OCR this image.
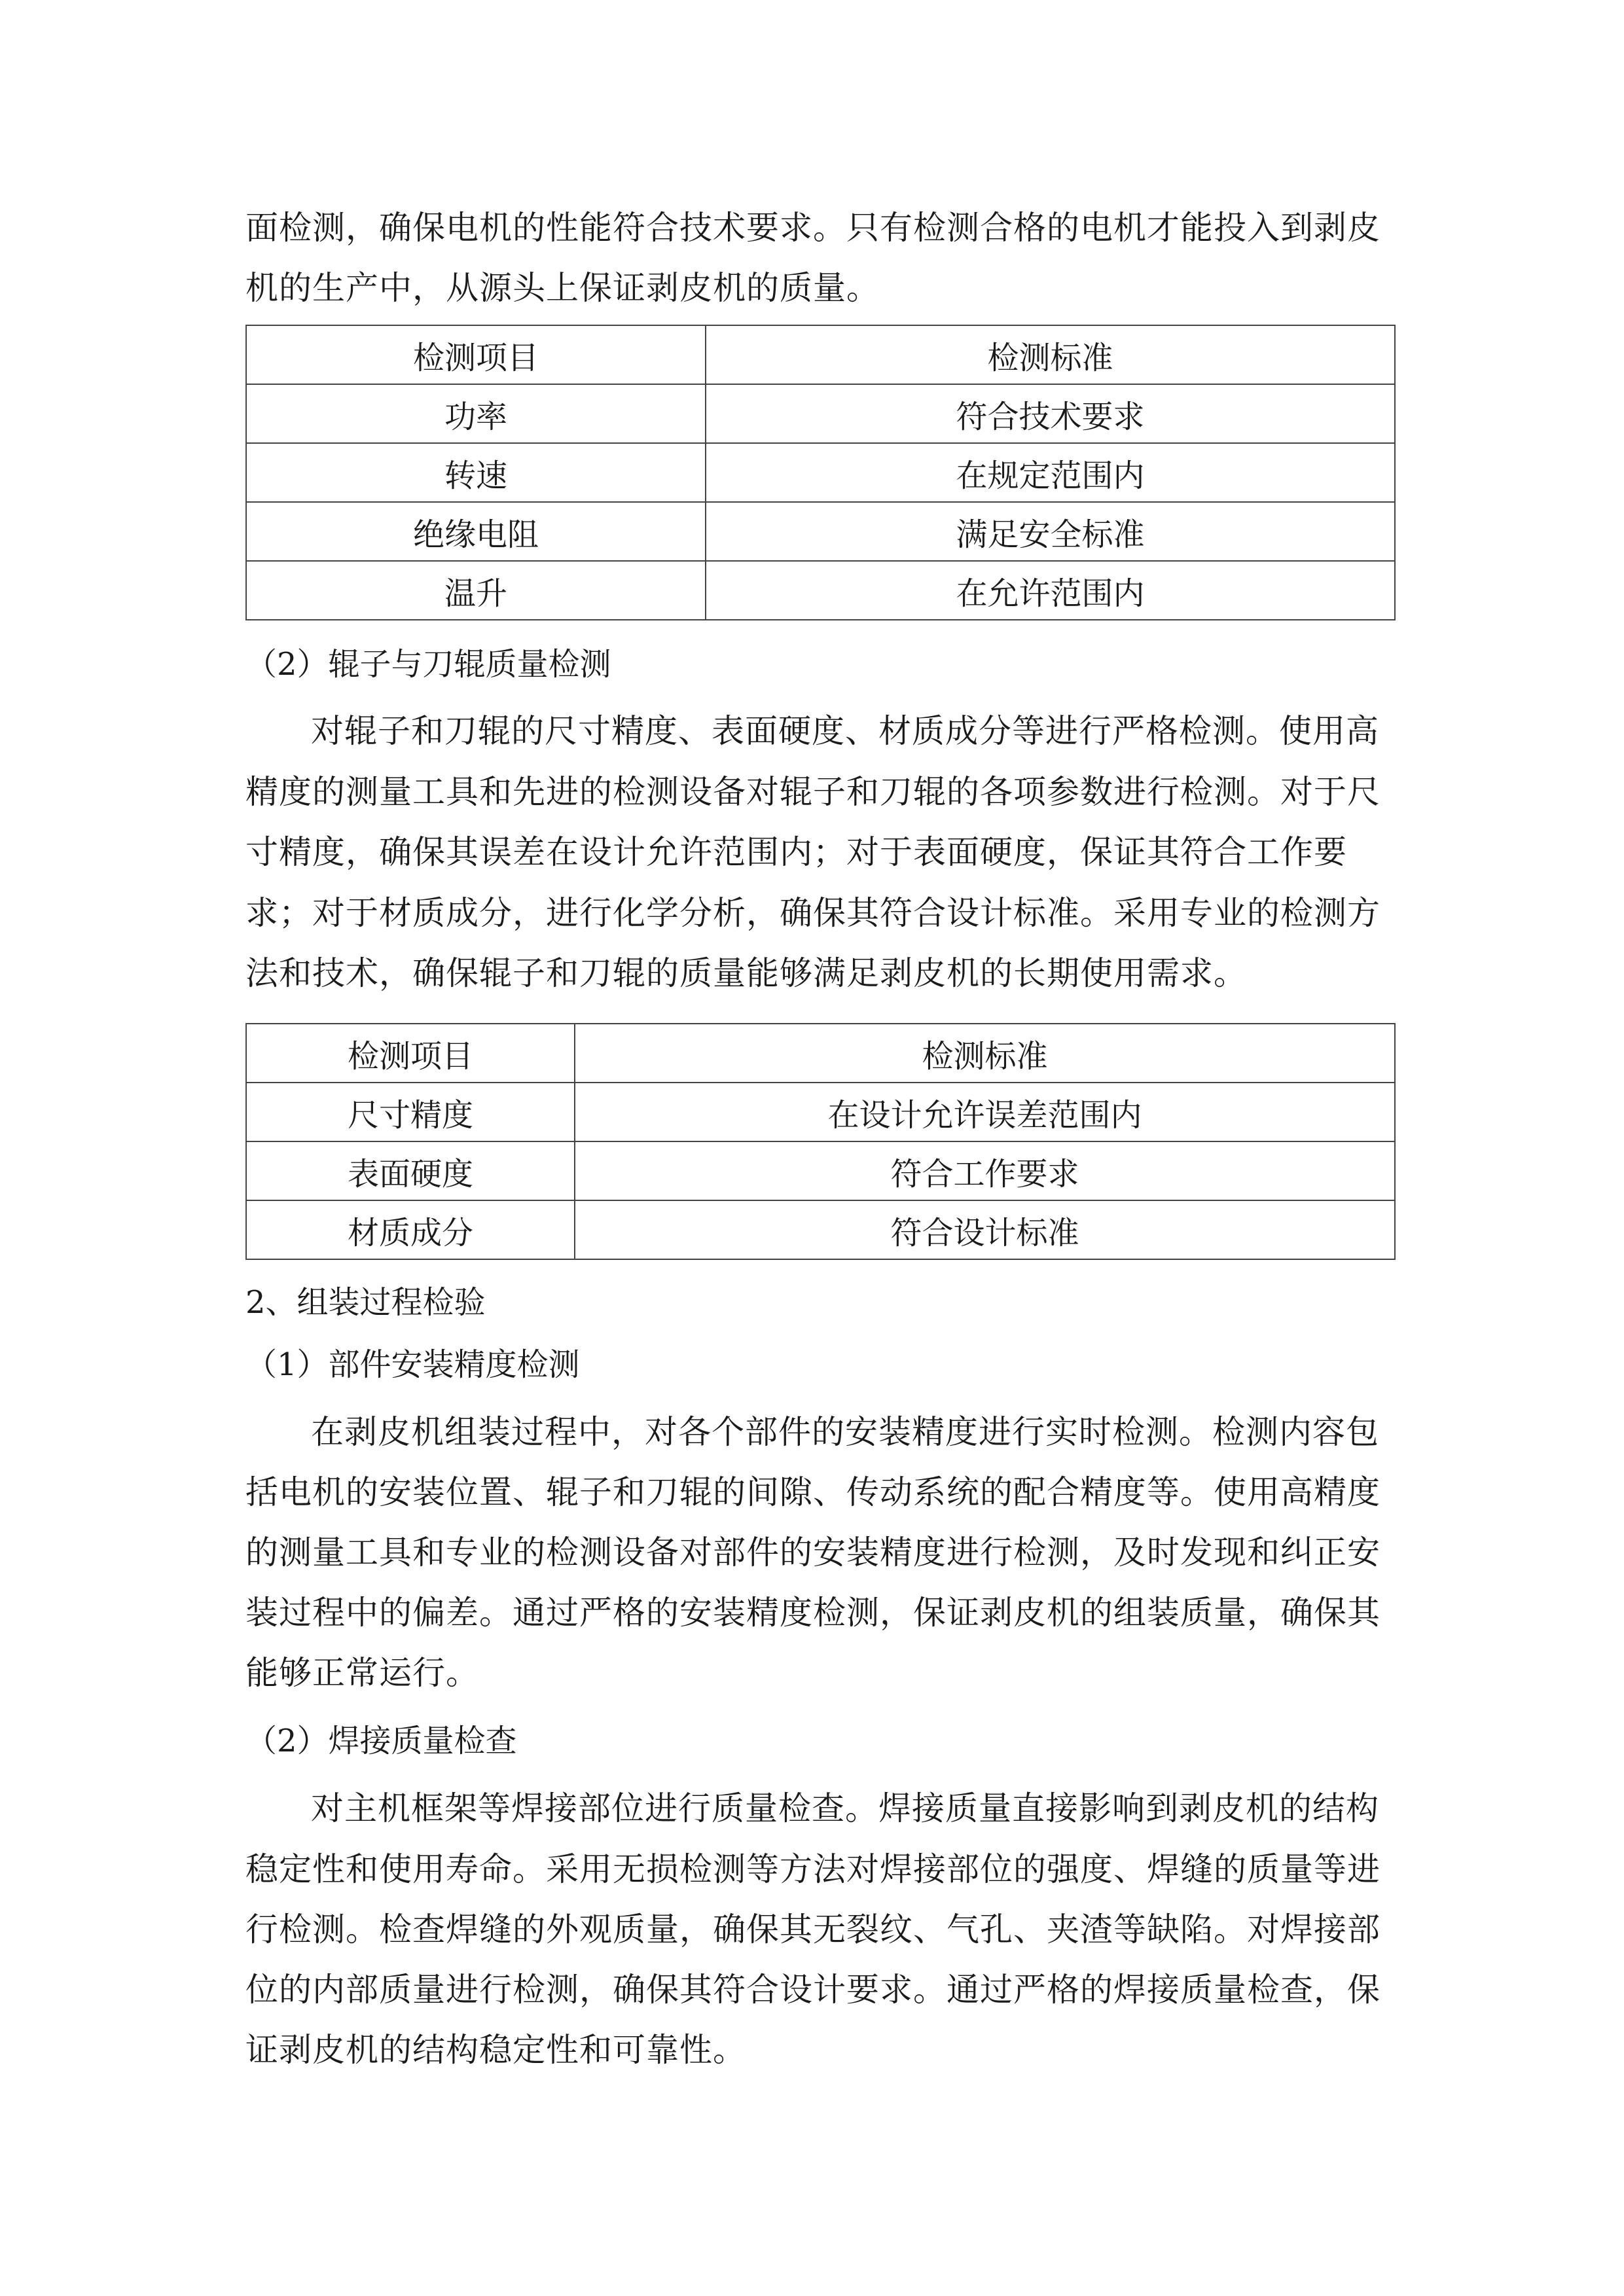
面检测，确保电机的性能符合技术要求。只有检测合格的电机才能投入到剥皮
机的生产中，从源头上保证剥皮机的质量。
检测项目	检测标准
功率	符合技术要求
转速	在规定范围内
绝缘电阻	满足安全标准
温升	在允许范围内
（2）辊子与刀辊质量检测
对辊子和刀辊的尺寸精度、表面硬度、材质成分等进行严格检测。使用高
精度的测量工具和先进的检测设备对辊子和刀辊的各项参数进行检测。对于尺
寸精度，确保其误差在设计允许范围内；对于表面硬度，保证其符合工作要
求；对于材质成分，进行化学分析，确保其符合设计标准。采用专业的检测方
法和技术，确保辊子和刀辊的质量能够满足剥皮机的长期使用需求。
检测项目	检测标准
尺寸精度	在设计允许误差范围内
表面硬度	符合工作要求
材质成分	符合设计标准
2、组装过程检验
（1）部件安装精度检测
在剥皮机组装过程中，对各个部件的安装精度进行实时检测。检测内容包
括电机的安装位置、辊子和刀辊的间隙、传动系统的配合精度等。使用高精度
的测量工具和专业的检测设备对部件的安装精度进行检测，及时发现和纠正安
装过程中的偏差。通过严格的安装精度检测，保证剥皮机的组装质量，确保其
能够正常运行。
（2）焊接质量检查
对主机框架等焊接部位进行质量检查。焊接质量直接影响到剥皮机的结构
稳定性和使用寿命。采用无损检测等方法对焊接部位的强度、焊缝的质量等进
行检测。检查焊缝的外观质量，确保其无裂纹、气孔、夹渣等缺陷。对焊接部
位的内部质量进行检测，确保其符合设计要求。通过严格的焊接质量检查，保
证剥皮机的结构稳定性和可靠性。
